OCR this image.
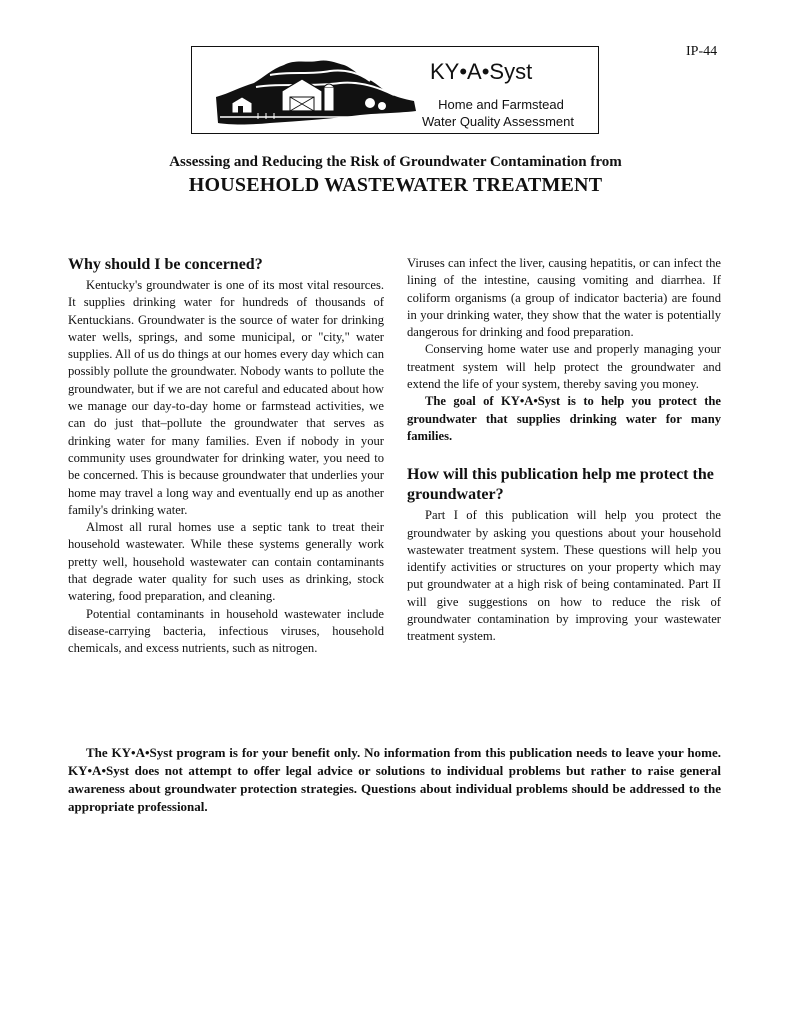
IP-44
KY•A•Syst
Home and Farmstead
Water Quality Assessment
Assessing and Reducing the Risk of Groundwater Contamination from
HOUSEHOLD WASTEWATER TREATMENT
Why should I be concerned?

Kentucky's groundwater is one of its most vital resources. It supplies drinking water for hundreds of thousands of Kentuckians. Groundwater is the source of water for drinking water wells, springs, and some municipal, or "city," water supplies. All of us do things at our homes every day which can possibly pollute the groundwater. Nobody wants to pollute the groundwater, but if we are not careful and educated about how we manage our day-to-day home or farmstead activities, we can do just that–pollute the groundwater that serves as drinking water for many families. Even if nobody in your community uses groundwater for drinking water, you need to be concerned. This is because groundwater that underlies your home may travel a long way and eventually end up as another family's drinking water.

Almost all rural homes use a septic tank to treat their household wastewater. While these systems generally work pretty well, household wastewater can contain contaminants that degrade water quality for such uses as drinking, stock watering, food preparation, and cleaning.

Potential contaminants in household wastewater include disease-carrying bacteria, infectious viruses, household chemicals, and excess nutrients, such as nitrogen.

Viruses can infect the liver, causing hepatitis, or can infect the lining of the intestine, causing vomiting and diarrhea. If coliform organisms (a group of indicator bacteria) are found in your drinking water, they show that the water is potentially dangerous for drinking and food preparation.

Conserving home water use and properly managing your treatment system will help protect the groundwater and extend the life of your system, thereby saving you money.

The goal of KY•A•Syst is to help you protect the groundwater that supplies drinking water for many families.

How will this publication help me protect the groundwater?

Part I of this publication will help you protect the groundwater by asking you questions about your household wastewater treatment system. These questions will help you identify activities or structures on your property which may put groundwater at a high risk of being contaminated. Part II will give suggestions on how to reduce the risk of groundwater contamination by improving your wastewater treatment system.

The KY•A•Syst program is for your benefit only. No information from this publication needs to leave your home. KY•A•Syst does not attempt to offer legal advice or solutions to individual problems but rather to raise general awareness about groundwater protection strategies. Questions about individual problems should be addressed to the appropriate professional.
